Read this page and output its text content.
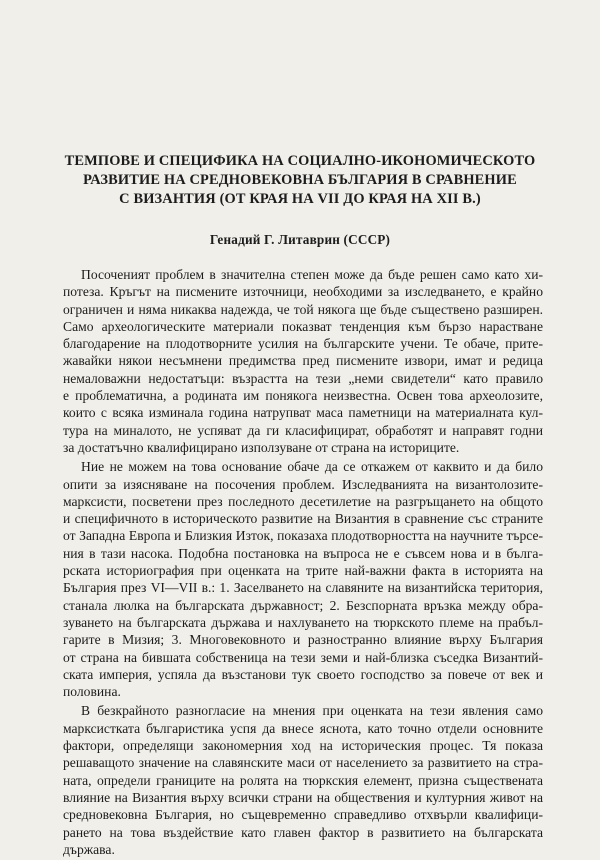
ТЕМПОВЕ И СПЕЦИФИКА НА СОЦИАЛНО-ИКОНОМИЧЕСКОТО
РАЗВИТИЕ НА СРЕДНОВЕКОВНА БЪЛГАРИЯ В СРАВНЕНИЕ
С ВИЗАНТИЯ (ОТ КРАЯ НА VII ДО КРАЯ НА XII В.)

Генадий Г. Литаврин (СССР)

Посоченият проблем в значителна степен може да бъде решен само като хи-
потеза. Кръгът на писмените източници, необходими за изследването, е крайно
ограничен и няма никаква надежда, че той някога ще бъде съществено разширен.
Само археологическите материали показват тенденция към бързо нарастване
благодарение на плодотворните усилия на българските учени. Те обаче, прите-
жавайки някои несъмнени предимства пред писмените извори, имат и редица
немаловажни недостатъци: възрастта на тези „неми свидетели“ като правило
е проблематична, а родината им понякога неизвестна. Освен това археолозите,
които с всяка изминала година натрупват маса паметници на материалната кул-
тура на миналото, не успяват да ги класифицират, обработят и направят годни
за достатъчно квалифицирано използуване от страна на историците.
Ние не можем на това основание обаче да се откажем от каквито и да било
опити за изясняване на посочения проблем. Изследванията на византолозите-
марксисти, посветени през последното десетилетие на разгръщането на общото
и специфичното в историческото развитие на Византия в сравнение със страните
от Западна Европа и Близкия Изток, показаха плодотворността на научните търсе-
ния в тази насока. Подобна постановка на въпроса не е съвсем нова и в бълга-
рската историография при оценката на трите най-важни факта в историята на
България през VI—VII в.: 1. Заселването на славяните на византийска територия,
станала люлка на българската държавност; 2. Безспорната връзка между обра-
зуването на българската държава и нахлуването на тюркското племе на прабъл-
гарите в Мизия; 3. Многовековното и разностранно влияние върху България
от страна на бившата собственица на тези земи и най-близка съседка Византий-
ската империя, успяла да възстанови тук своето господство за повече от век и
половина.
В безкрайното разногласие на мнения при оценката на тези явления само
марксистката българистика успя да внесе яснота, като точно отдели основните
фактори, определящи закономерния ход на историческия процес. Тя показа
решаващото значение на славянските маси от населението за развитието на стра-
ната, определи границите на ролята на тюркския елемент, призна съществената
влияние на Византия върху всички страни на обществения и културния живот на
средновековна България, но същевременно справедливо отхвърли квалифици-
рането на това въздействие като главен фактор в развитието на българската
държава.
